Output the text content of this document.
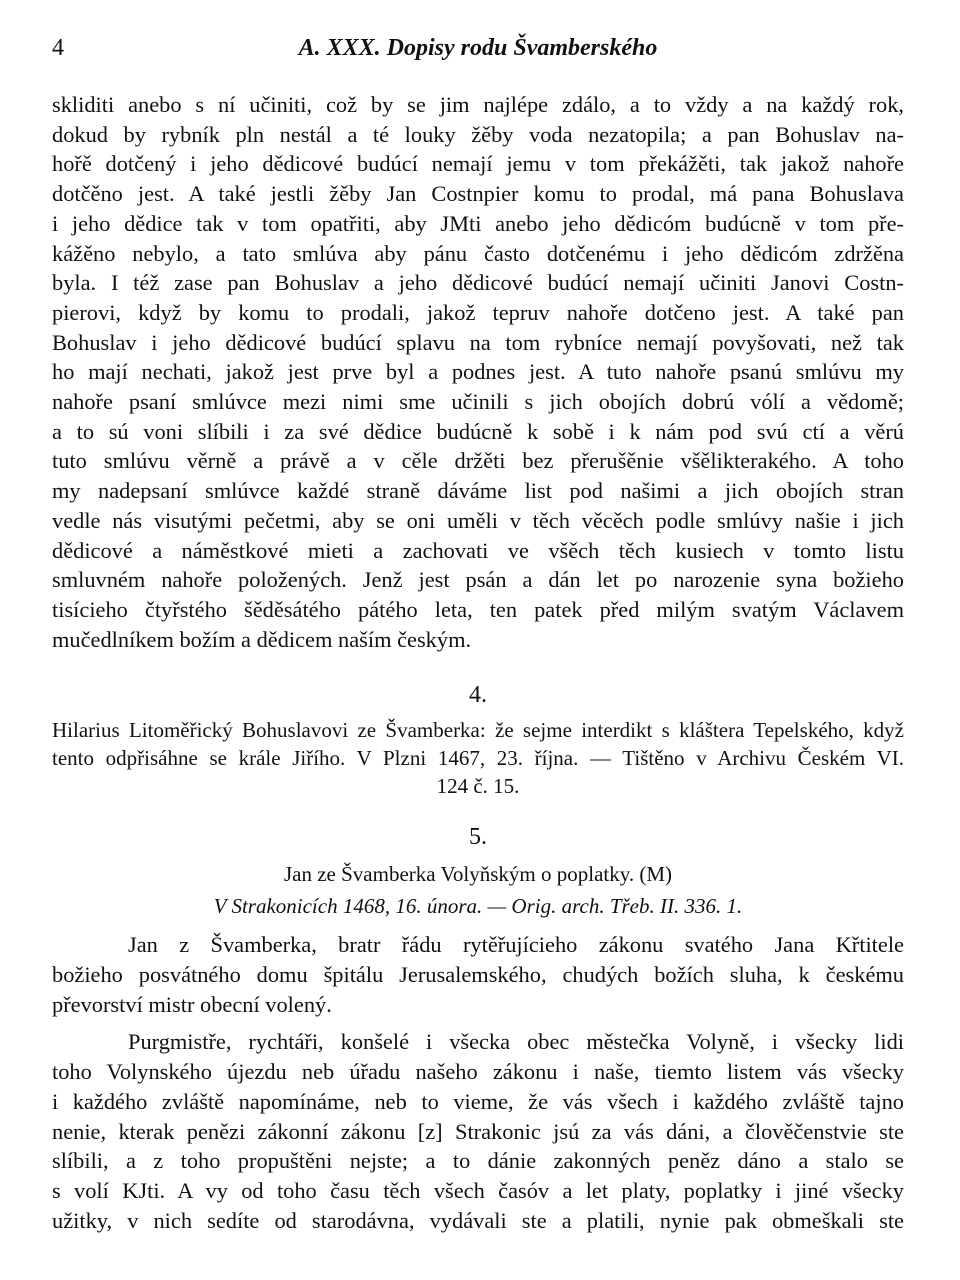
4	A. XXX. Dopisy rodu Švamberského
skliditi anebo s ní učiniti, což by se jim najlépe zdálo, a to vždy a na každý rok,
dokud by rybník pln nestál a té louky žěby voda nezatopila; a pan Bohuslav na-
hořě dotčený i jeho dědicové budúcí nemají jemu v tom překážěti, tak jakož nahoře
dotčěno jest. A také jestli žěby Jan Costnpier komu to prodal, má pana Bohuslava
i jeho dědice tak v tom opatřiti, aby JMti anebo jeho dědicóm budúcně v tom pře-
kážěno nebylo, a tato smlúva aby pánu často dotčenému i jeho dědicóm zdržěna
byla. I též zase pan Bohuslav a jeho dědicové budúcí nemají učiniti Janovi Costn-
pierovi, když by komu to prodali, jakož tepruv nahoře dotčeno jest. A také pan
Bohuslav i jeho dědicové budúcí splavu na tom rybníce nemají povyšovati, než tak
ho mají nechati, jakož jest prve byl a podnes jest. A tuto nahoře psanú smlúvu my
nahoře psaní smlúvce mezi nimi sme učinili s jich obojích dobrú vólí a vědomě;
a to sú voni slíbili i za své dědice budúcně k sobě i k nám pod svú ctí a věrú
tuto smlúvu věrně a právě a v cěle držěti bez přerušěnie všělikterakého. A toho
my nadepsaní smlúvce každé straně dáváme list pod našimi a jich obojích stran
vedle nás visutými pečetmi, aby se oni uměli v těch věcěch podle smlúvy našie i jich
dědicové a náměstkové mieti a zachovati ve všěch těch kusiech v tomto listu
smluvném nahoře položených. Jenž jest psán a dán let po narozenie syna božieho
tisícieho čtyřstého šěděsátého pátého leta, ten patek před milým svatým Václavem
mučedlníkem božím a dědicem naším českým.
4.
Hilarius Litoměřický Bohuslavovi ze Švamberka: že sejme interdikt s kláštera Tepelského, když
tento odpřisáhne se krále Jiřího. V Plzni 1467, 23. října. — Tištěno v Archivu Českém VI.
124 č. 15.
5.
Jan ze Švamberka Volyňským o poplatky. (M)
V Strakonicích 1468, 16. února. — Orig. arch. Třeb. II. 336. 1.
Jan z Švamberka, bratr řádu rytěřujícieho zákonu svatého Jana Křtitele
božieho posvátného domu špitálu Jerusalemského, chudých božích sluha, k českému
převorství mistr obecní volený.
Purgmistře, rychtáři, konšelé i všecka obec městečka Volyně, i všecky lidi
toho Volynského újezdu neb úřadu našeho zákonu i naše, tiemto listem vás všecky
i každého zvláště napomínáme, neb to vieme, že vás všech i každého zvláště tajno
nenie, kterak penězi zákonní zákonu [z] Strakonic jsú za vás dáni, a člověčenstvie ste
slíbili, a z toho propuštěni nejste; a to dánie zakonných peněz dáno a stalo se
s volí KJti. A vy od toho času těch všech časóv a let platy, poplatky i jiné všecky
užitky, v nich sedíte od starodávna, vydávali ste a platili, nynie pak obmeškali ste
